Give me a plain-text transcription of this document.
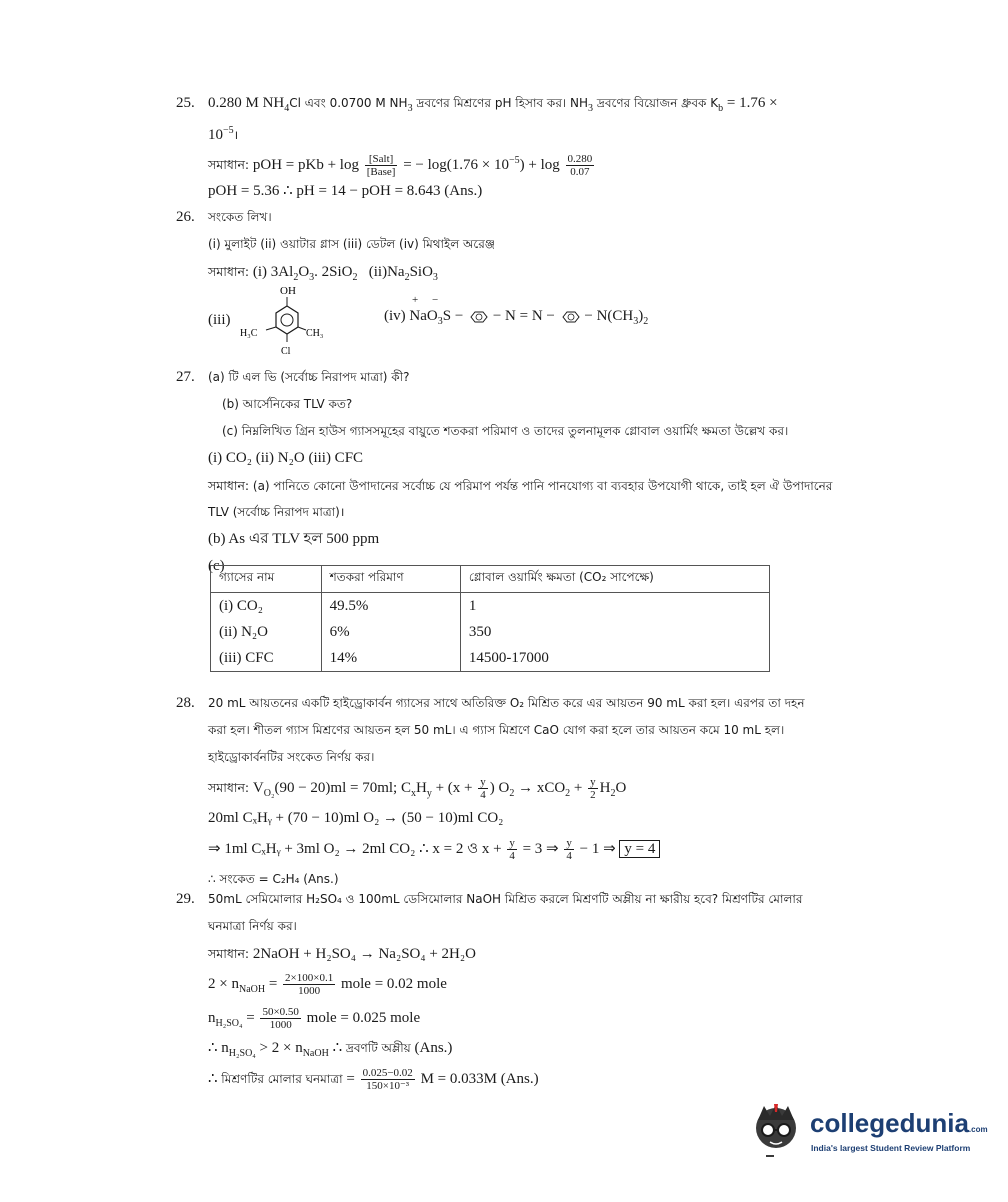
25. 0.280 M $NH_4Cl$ এবং 0.0700 M $NH_3$ দ্রবণের মিশ্রণের pH হিসাব কর। $NH_3$ দ্রবণের বিয়োজন ধ্রুবক $K_b = 1.76$ ×
$10^{-5}।$
সমাধান: pOH = pKb + $\log \frac{\text{[Salt]}}{\text{[Base]}}$ = − $\log(1.76 \times 10^{-5}) + \log \frac{0.280}{0.07}$
pOH = 5.36 ∴ pH = 14 − pOH = 8.643 (Ans.)
26.	সংকেত লিখ।
(i) মুলাইট (ii) ওয়াটার গ্লাস (iii) ডেটল (iv) মিথাইল অরেঞ্জ
সমাধান: (i) $3Al_2O_3$. 2SiO$_2$ $(ii)Na_2SiO_3$
(iii)
OH
H₃C	CH₃
Cl
+ −
(iv) NaO$_3$S − − N = N − − $N(CH_3)_2$
27.	(a) টি এল ভি (সর্বোচ্চ নিরাপদ মাত্রা) কী?
(b) আর্সেনিকের TLV কত?
(c) নিম্নলিখিত গ্রিন হাউস গ্যাসসমূহের বায়ুতে শতকরা পরিমাণ ও তাদের তুলনামূলক গ্লোবাল ওয়ার্মিং ক্ষমতা উল্লেখ কর।
(i) CO₂ (ii) N₂O (iii) CFC
সমাধান: (a) পানিতে কোনো উপাদানের সর্বোচ্চ যে পরিমাপ পর্যন্ত পানি পানযোগ্য বা ব্যবহার উপযোগী থাকে, তাই হল ঐ উপাদানের
TLV (সর্বোচ্চ নিরাপদ মাত্রা)।
(b) As এর TLV হল 500 ppm
(c)
গ্যাসের নাম	শতকরা পরিমাণ	গ্লোবাল ওয়ার্মিং ক্ষমতা (CO₂ সাপেক্ষে)
(i) CO₂	49.5%	1
(ii) N₂O	6%	350
(iii) CFC	14%	14500-17000
28.	20 mL আয়তনের একটি হাইড্রোকার্বন গ্যাসের সাথে অতিরিক্ত O₂ মিশ্রিত করে এর আয়তন 90 mL করা হল। এরপর তা দহন
করা হল। শীতল গ্যাস মিশ্রণের আয়তন হল 50 mL। এ গ্যাস মিশ্রণে CaO যোগ করা হলে তার আয়তন কমে 10 mL হল।
হাইড্রোকার্বনটির সংকেত নির্ণয় কর।
সমাধান: $V_{O_2}(90 - 20)ml = 70ml$; $C_xH_y + (x + \frac{y}{4}$ ) $O_2 \to xCO_2 + \frac{y}{2} H_2O$
20ml CₓHᵧ + (70 − 10)ml O₂ → (50 − 10)ml CO₂
⇒ 1ml CₓHᵧ + 3ml O₂ → 2ml CO₂ ∴ x = 2 ও $x + \frac{y}{4} = 3$ ⇒ $\frac{y}{4} - 1$ ⇒ y = 4
∴ সংকেত = C₂H₄ (Ans.)
29.	50mL সেমিমোলার H₂SO₄ ও 100mL ডেসিমোলার NaOH মিশ্রিত করলে মিশ্রণটি অম্লীয় না ক্ষারীয় হবে? মিশ্রণটির মোলার
ঘনমাত্রা নির্ণয় কর।
সমাধান: 2NaOH + H₂SO₄ → Na₂SO₄ + 2H₂O
$2 \times n_{NaOH} = \frac{2\times 100\times 0.1}{1000}$ mole = 0.02 mole
$n_{H_2SO_4} = \frac{50\times 0.50}{1000}$ mole = 0.025 mole
∴ $n_{H_2SO_4} > 2 \times n_{NaOH}$ ∴ দ্রবণটি অম্লীয় (Ans.)
∴ মিশ্রণটির মোলার ঘনমাত্রা = $\frac{0.025-0.02}{\text{150×10⁻³}}$ M = 0.033M (Ans.)
collegedunia.com
India's largest Student Review Platform
